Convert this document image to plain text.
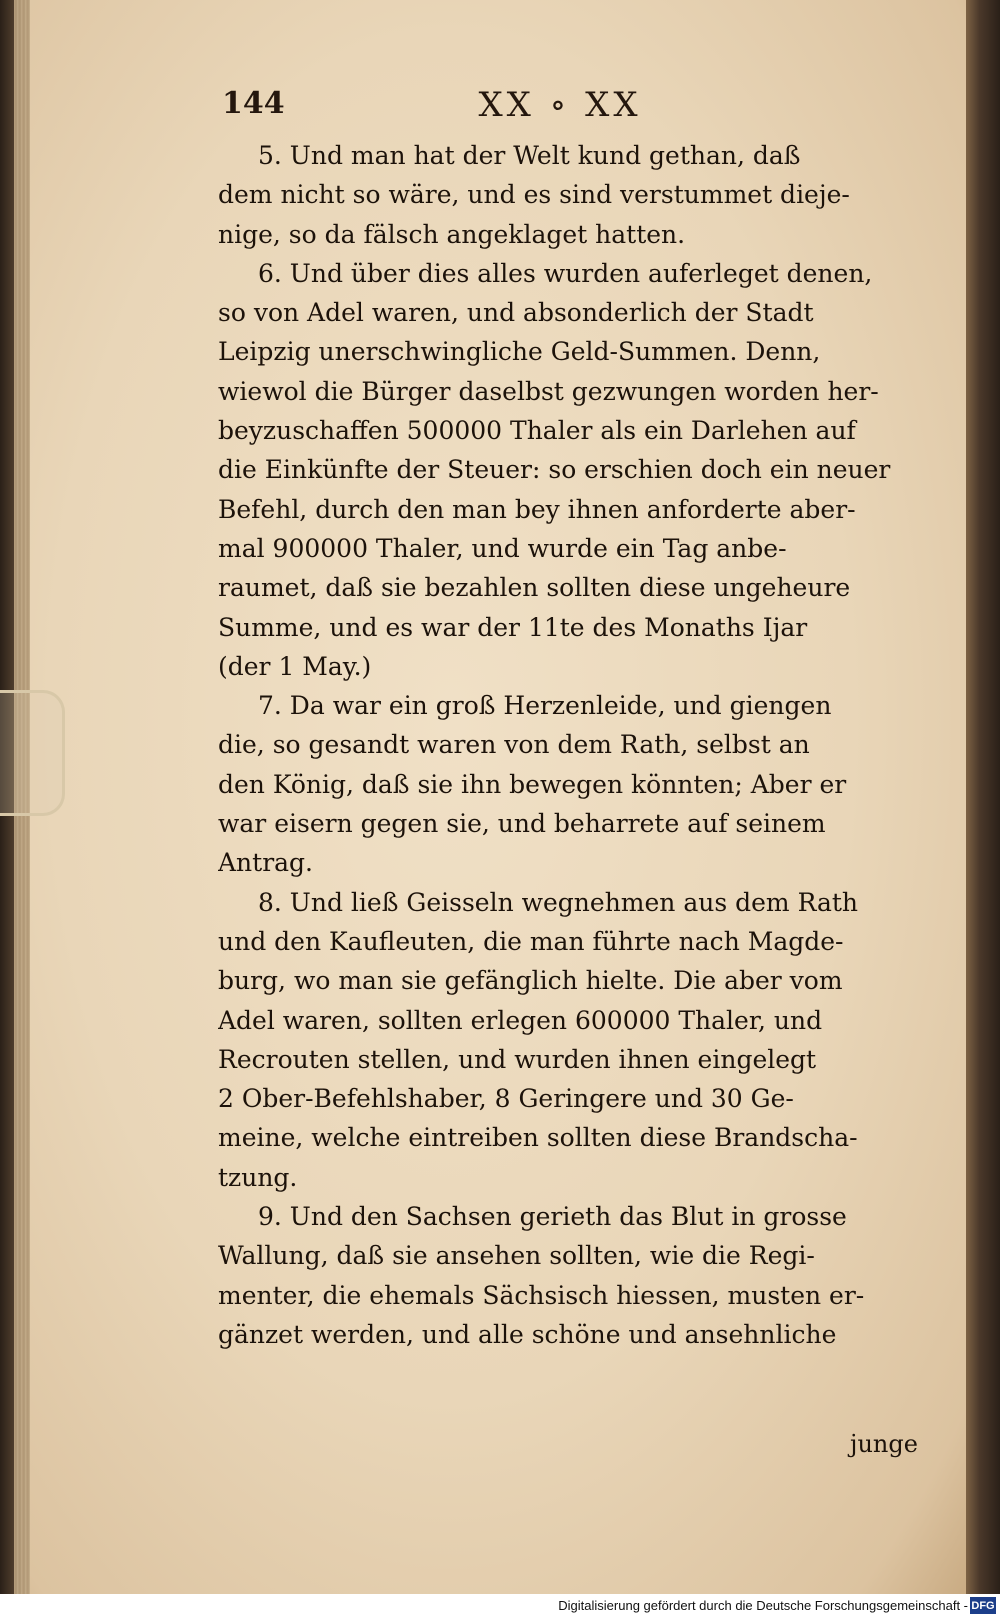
144	XX ∘ XX
5. Und man hat der Welt kund gethan, daß
dem nicht so wäre, und es sind verstummet dieje-
nige, so da fälsch angeklaget hatten.
6. Und über dies alles wurden auferleget denen,
so von Adel waren, und absonderlich der Stadt
Leipzig unerschwingliche Geld-Summen. Denn,
wiewol die Bürger daselbst gezwungen worden her-
beyzuschaffen 500000 Thaler als ein Darlehen auf
die Einkünfte der Steuer: so erschien doch ein neuer
Befehl, durch den man bey ihnen anforderte aber-
mal 900000 Thaler, und wurde ein Tag anbe-
raumet, daß sie bezahlen sollten diese ungeheure
Summe, und es war der 11te des Monaths Ijar
(der 1 May.)
7. Da war ein groß Herzenleide, und giengen
die, so gesandt waren von dem Rath, selbst an
den König, daß sie ihn bewegen könnten; Aber er
war eisern gegen sie, und beharrete auf seinem
Antrag.
8. Und ließ Geisseln wegnehmen aus dem Rath
und den Kaufleuten, die man führte nach Magde-
burg, wo man sie gefänglich hielte. Die aber vom
Adel waren, sollten erlegen 600000 Thaler, und
Recrouten stellen, und wurden ihnen eingelegt
2 Ober-Befehlshaber, 8 Geringere und 30 Ge-
meine, welche eintreiben sollten diese Brandscha-
tzung.
9. Und den Sachsen gerieth das Blut in grosse
Wallung, daß sie ansehen sollten, wie die Regi-
menter, die ehemals Sächsisch hiessen, musten er-
gänzet werden, und alle schöne und ansehnliche
junge
Digitalisierung gefördert durch die Deutsche Forschungsgemeinschaft - DFG
